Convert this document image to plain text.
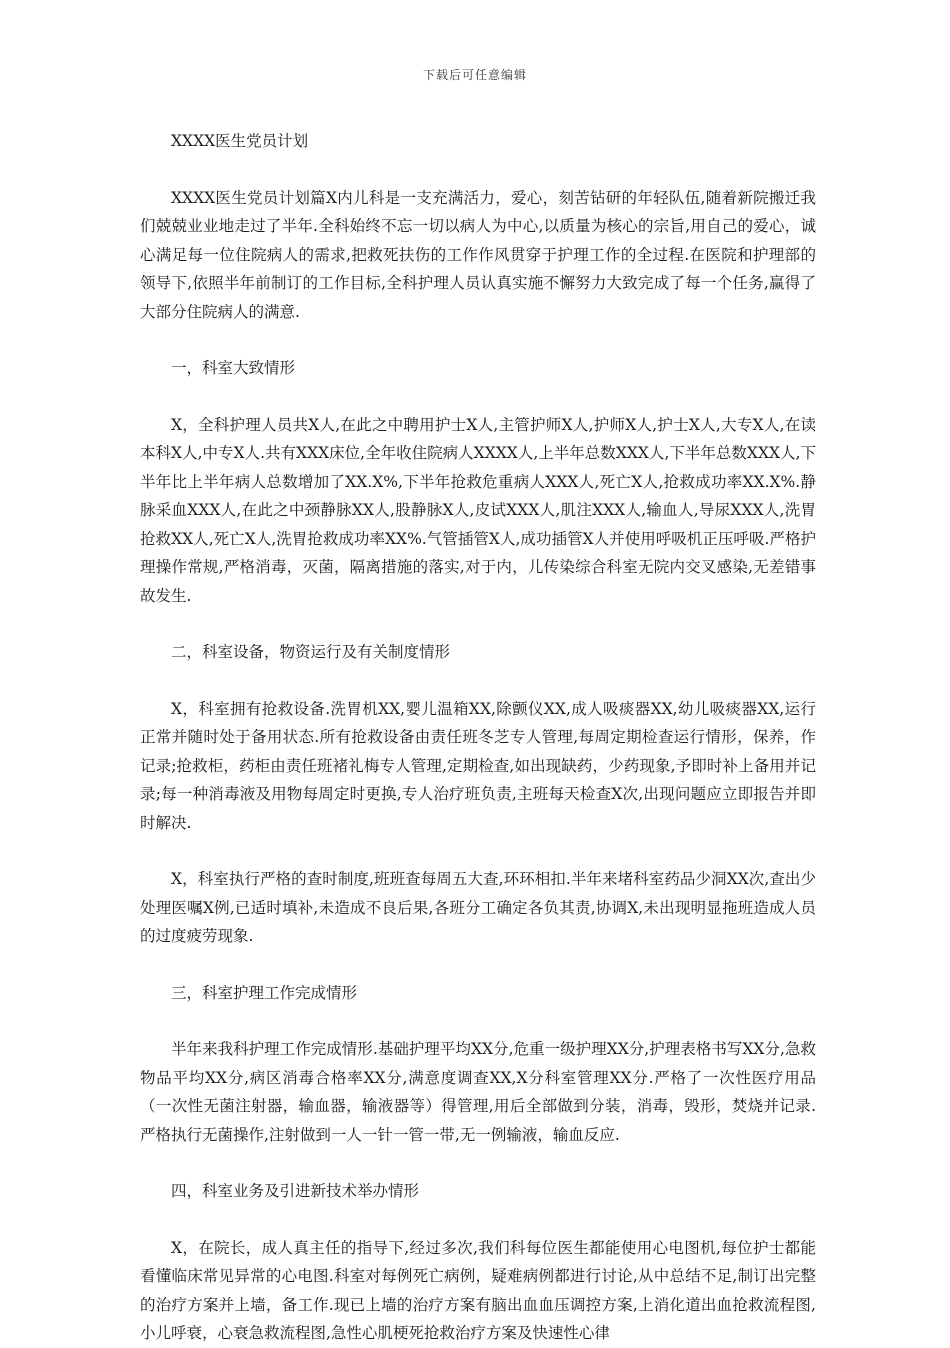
下载后可任意编辑

XXXX医生党员计划

XXXX医生党员计划篇X内儿科是一支充满活力，爱心，刻苦钻研的年轻队伍,随着新院搬迁我们兢兢业业地走过了半年.全科始终不忘一切以病人为中心,以质量为核心的宗旨,用自己的爱心，诚心满足每一位住院病人的需求,把救死扶伤的工作作风贯穿于护理工作的全过程.在医院和护理部的领导下,依照半年前制订的工作目标,全科护理人员认真实施不懈努力大致完成了每一个任务,赢得了大部分住院病人的满意.

一，科室大致情形

X，全科护理人员共X人,在此之中聘用护士X人,主管护师X人,护师X人,护士X人,大专X人,在读本科X人,中专X人.共有XXX床位,全年收住院病人XXXX人,上半年总数XXX人,下半年总数XXX人,下半年比上半年病人总数增加了XX.X%,下半年抢救危重病人XXX人,死亡X人,抢救成功率XX.X%.静脉采血XXX人,在此之中颈静脉XX人,股静脉X人,皮试XXX人,肌注XXX人,输血人,导尿XXX人,洗胃抢救XX人,死亡X人,洗胃抢救成功率XX%.气管插管X人,成功插管X人并使用呼吸机正压呼吸.严格护理操作常规,严格消毒，灭菌，隔离措施的落实,对于内，儿传染综合科室无院内交叉感染,无差错事故发生.

二，科室设备，物资运行及有关制度情形

X，科室拥有抢救设备.洗胃机XX,婴儿温箱XX,除颤仪XX,成人吸痰器XX,幼儿吸痰器XX,运行正常并随时处于备用状态.所有抢救设备由责任班冬芝专人管理,每周定期检查运行情形，保养，作记录;抢救柜，药柜由责任班褚礼梅专人管理,定期检查,如出现缺药，少药现象,予即时补上备用并记录;每一种消毒液及用物每周定时更换,专人治疗班负责,主班每天检查X次,出现问题应立即报告并即时解决.

X，科室执行严格的查时制度,班班查每周五大查,环环相扣.半年来堵科室药品少洞XX次,查出少处理医嘱X例,已适时填补,未造成不良后果,各班分工确定各负其责,协调X,未出现明显拖班造成人员的过度疲劳现象.

三，科室护理工作完成情形

半年来我科护理工作完成情形.基础护理平均XX分,危重一级护理XX分,护理表格书写XX分,急救物品平均XX分,病区消毒合格率XX分,满意度调查XX,X分科室管理XX分.严格了一次性医疗用品（一次性无菌注射器，输血器，输液器等）得管理,用后全部做到分装，消毒，毁形，焚烧并记录.严格执行无菌操作,注射做到一人一针一管一带,无一例输液，输血反应.

四，科室业务及引进新技术举办情形

X，在院长，成人真主任的指导下,经过多次,我们科每位医生都能使用心电图机,每位护士都能看懂临床常见异常的心电图.科室对每例死亡病例，疑难病例都进行讨论,从中总结不足,制订出完整的治疗方案并上墙，备工作.现已上墙的治疗方案有脑出血血压调控方案,上消化道出血抢救流程图,小儿呼衰，心衰急救流程图,急性心肌梗死抢救治疗方案及快速性心律
